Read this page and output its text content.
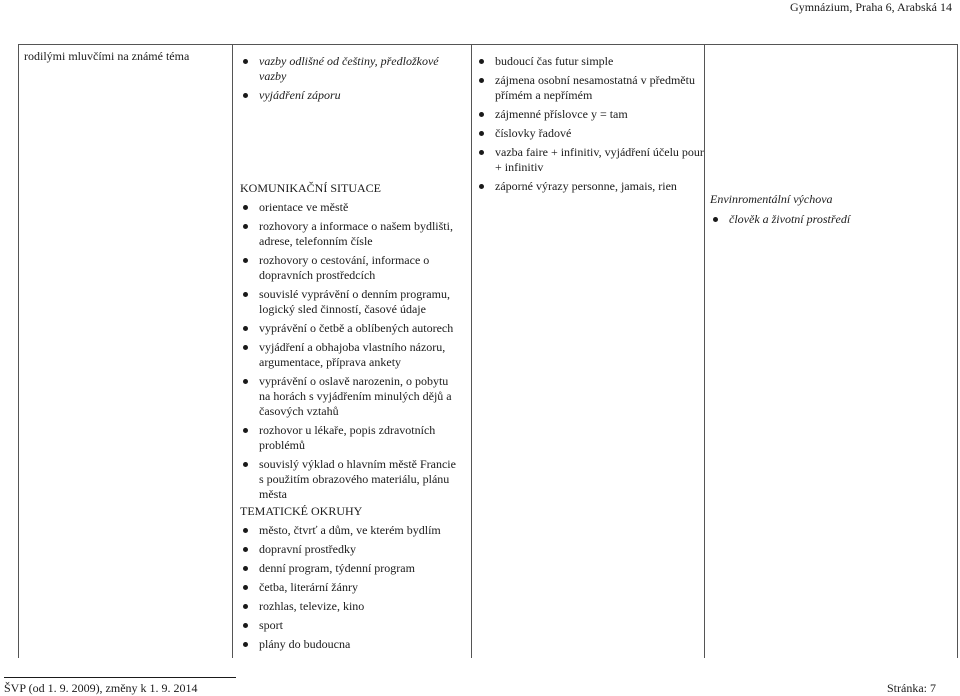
Gymnázium, Praha 6, Arabská 14
rodilými mluvčími na známé téma	vazby odlišné od češtiny, předložkové vazby
vyjádření záporu
KOMUNIKAČNÍ SITUACE
orientace ve městě
rozhovory a informace o našem bydlišti, adrese, telefonním čísle
rozhovory o cestování, informace o dopravních prostředcích
souvislé vyprávění o denním programu, logický sled činností, časové údaje
vyprávění o četbě a oblíbených autorech
vyjádření a obhajoba vlastního názoru, argumentace, příprava ankety
vyprávění o oslavě narozenin, o pobytu na horách s vyjádřením minulých dějů a časových vztahů
rozhovor u lékaře, popis zdravotních problémů
souvislý výklad o hlavním městě Francie s použitím obrazového materiálu, plánu města
TEMATICKÉ OKRUHY
město, čtvrť a dům, ve kterém bydlím
dopravní prostředky
denní program, týdenní program
četba, literární žánry
rozhlas, televize, kino
sport
plány do budoucna
budoucí čas futur simple
zájmena osobní nesamostatná v předmětu přímém a nepřímém
zájmenné příslovce y = tam
číslovky řadové
vazba faire + infinitiv, vyjádření účelu pour + infinitiv
záporné výrazy personne, jamais, rien
Envinromentální výchova
člověk a životní prostředí
ŠVP (od 1. 9. 2009), změny k 1. 9. 2014	Stránka: 7
